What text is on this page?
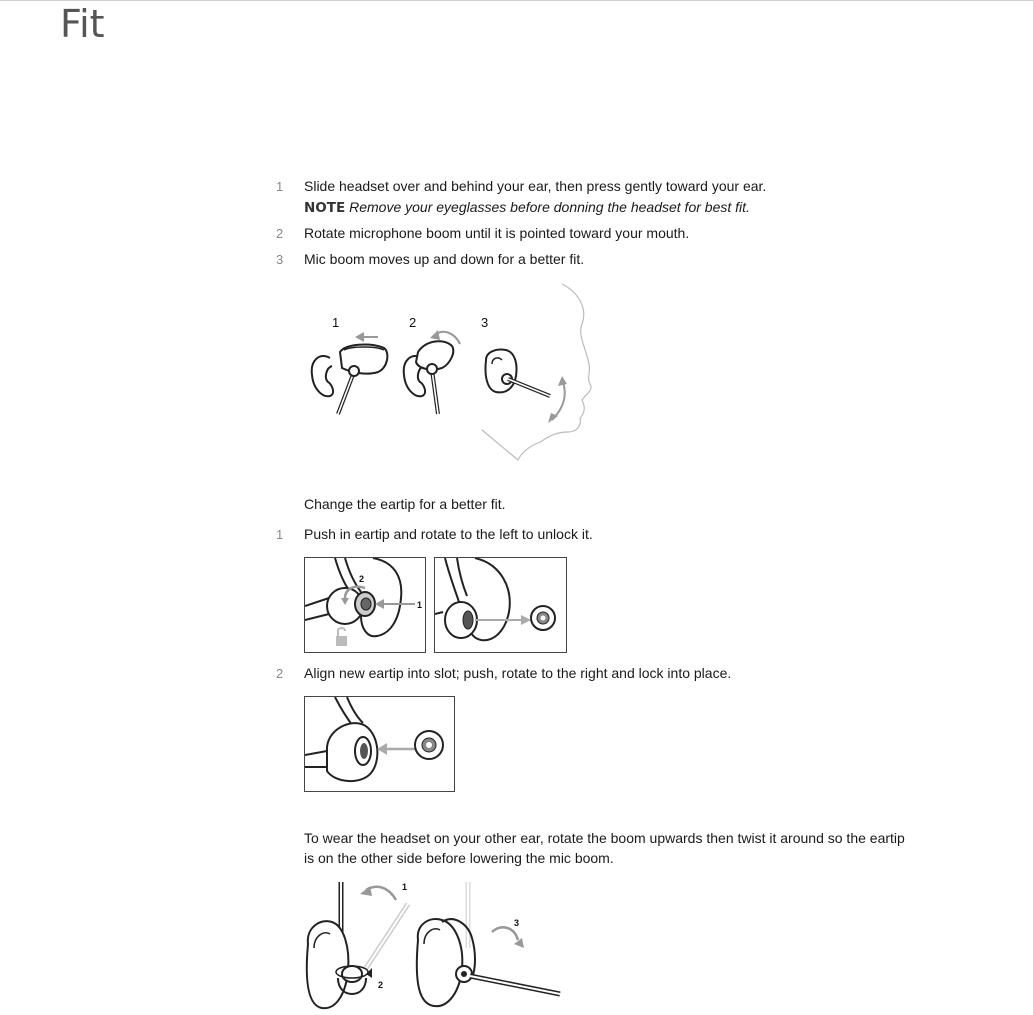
Fit
1	Slide headset over and behind your ear, then press gently toward your ear.
NOTE Remove your eyeglasses before donning the headset for best fit.
2	Rotate microphone boom until it is pointed toward your mouth.
3	Mic boom moves up and down for a better fit.
1	2	3
Change the eartip for a better fit.
1	Push in eartip and rotate to the left to unlock it.
2
1
2	Align new eartip into slot; push, rotate to the right and lock into place.
To wear the headset on your other ear, rotate the boom upwards then twist it around so the eartip
is on the other side before lowering the mic boom.
1
2
3
